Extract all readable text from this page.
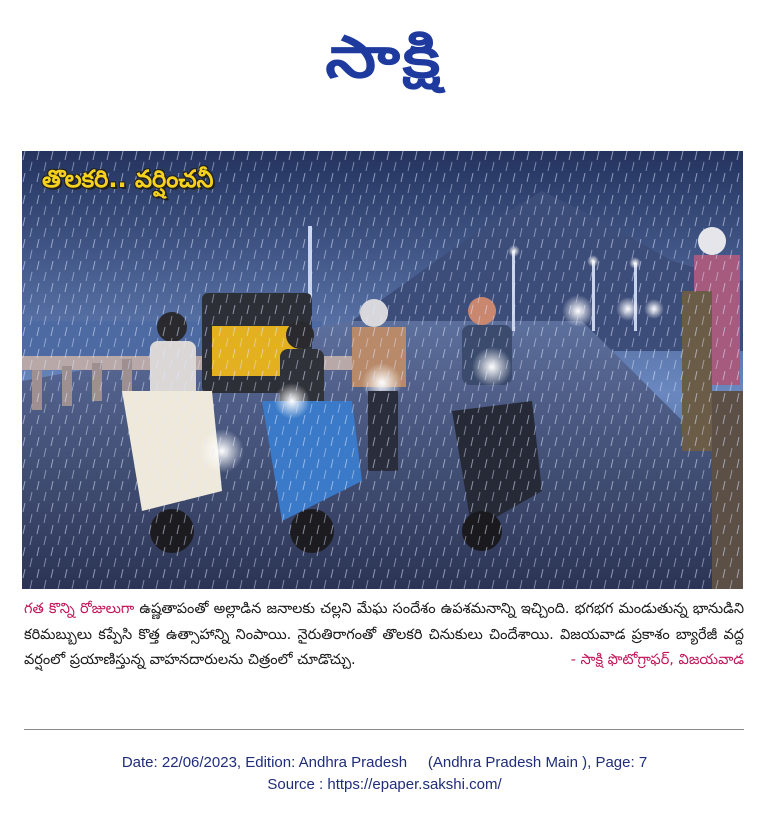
సాక్షి
తొలకరి.. వర్షించనీ
గత కొన్ని రోజులుగా ఉష్ణతాపంతో అల్లాడిన జనాలకు చల్లని మేఘ సందేశం ఉపశమనాన్ని ఇచ్చింది. భగభగ మండుతున్న భానుడిని కరిమబ్బులు కప్పేసి కొత్త ఉత్సాహాన్ని నింపాయి. నైరుతిరాగంతో తొలకరి చినుకులు చిందేశాయి. విజయవాడ ప్రకాశం బ్యారేజీ వద్ద వర్షంలో ప్రయాణిస్తున్న వాహనదారులను చిత్రంలో చూడొచ్చు.	- సాక్షి ఫొటోగ్రాఫర్, విజయవాడ
Date: 22/06/2023, Edition: Andhra Pradesh     (Andhra Pradesh Main ), Page: 7
Source : https://epaper.sakshi.com/
